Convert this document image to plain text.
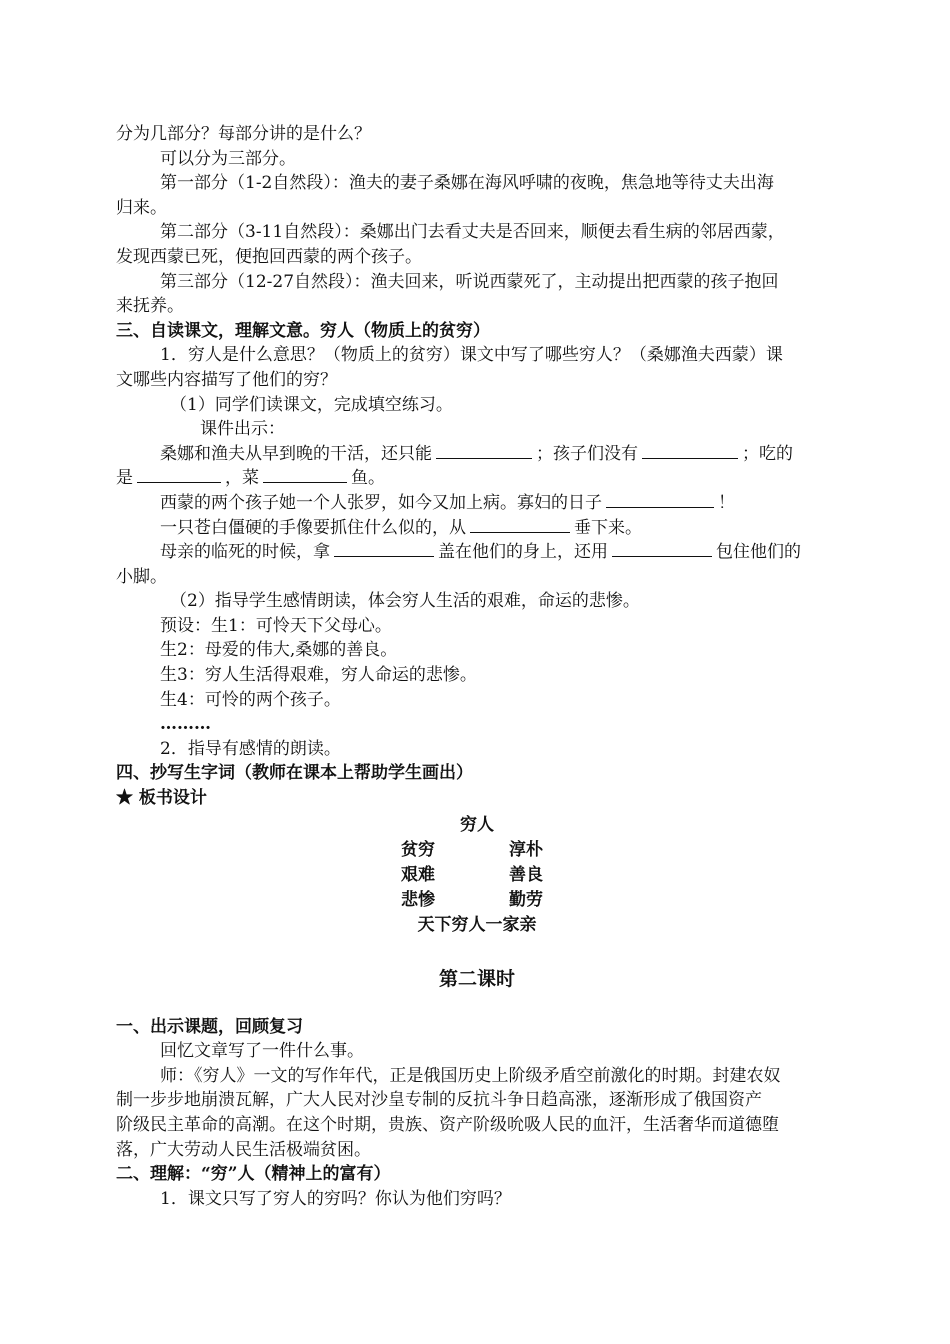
分为几部分？每部分讲的是什么？
可以分为三部分。
第一部分（1-2自然段）：渔夫的妻子桑娜在海风呼啸的夜晚，焦急地等待丈夫出海
归来。
第二部分（3-11自然段）：桑娜出门去看丈夫是否回来，顺便去看生病的邻居西蒙，
发现西蒙已死，便抱回西蒙的两个孩子。
第三部分（12-27自然段）：渔夫回来，听说西蒙死了，主动提出把西蒙的孩子抱回
来抚养。
三、自读课文，理解文意。穷人（物质上的贫穷）
1．穷人是什么意思？（物质上的贫穷）课文中写了哪些穷人？（桑娜渔夫西蒙）课
文哪些内容描写了他们的穷？
（1）同学们读课文，完成填空练习。
课件出示：
桑娜和渔夫从早到晚的干活，还只能	；孩子们没有	；吃的
是	，菜	鱼。
西蒙的两个孩子她一个人张罗，如今又加上病。寡妇的日子	！
一只苍白僵硬的手像要抓住什么似的，从	垂下来。
母亲的临死的时候，拿	盖在他们的身上，还用	包住他们的
小脚。
（2）指导学生感情朗读，体会穷人生活的艰难，命运的悲惨。
预设：生1：可怜天下父母心。
生2：母爱的伟大,桑娜的善良。
生3：穷人生活得艰难，穷人命运的悲惨。
生4：可怜的两个孩子。
………
2．指导有感情的朗读。
四、抄写生字词（教师在课本上帮助学生画出）
★ 板书设计
穷人
贫穷	淳朴
艰难	善良
悲惨	勤劳
天下穷人一家亲
第二课时
一、出示课题，回顾复习
回忆文章写了一件什么事。
师：《穷人》一文的写作年代，正是俄国历史上阶级矛盾空前激化的时期。封建农奴
制一步步地崩溃瓦解，广大人民对沙皇专制的反抗斗争日趋高涨，逐渐形成了俄国资产
阶级民主革命的高潮。在这个时期，贵族、资产阶级吮吸人民的血汗，生活奢华而道德堕
落，广大劳动人民生活极端贫困。
二、理解：“穷”人（精神上的富有）
1．课文只写了穷人的穷吗？你认为他们穷吗？
